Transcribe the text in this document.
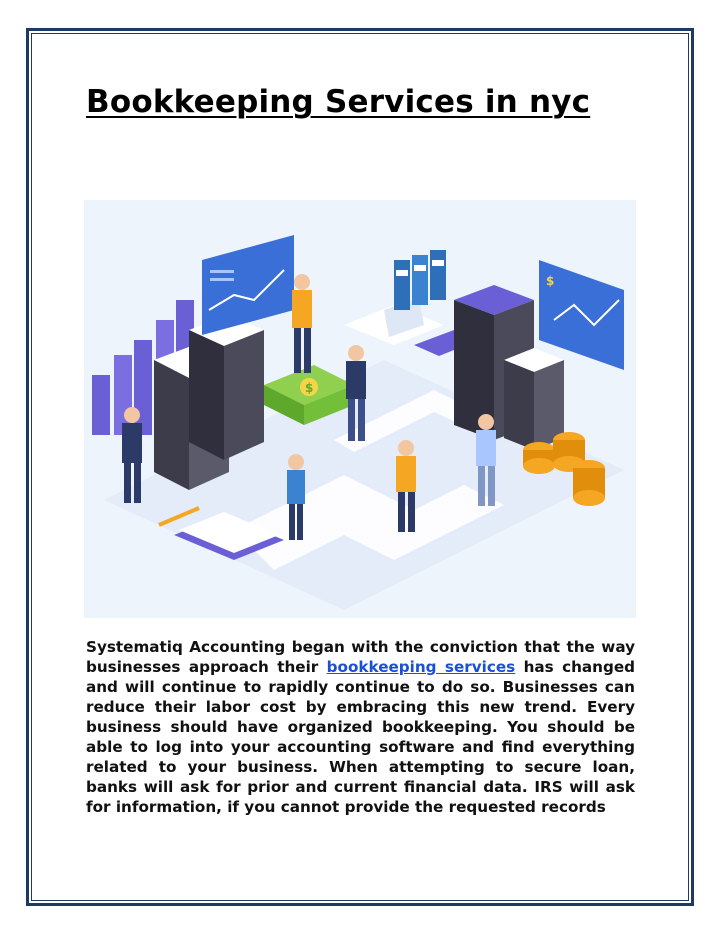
Bookkeeping Services in nyc
$
$

Systematiq Accounting began with the conviction that the way businesses approach their bookkeeping services has changed and will continue to rapidly continue to do so. Businesses can reduce their labor cost by embracing this new trend. Every business should have organized bookkeeping. You should be able to log into your accounting software and find everything related to your business. When attempting to secure loan, banks will ask for prior and current financial data. IRS will ask for information, if you cannot provide the requested records
